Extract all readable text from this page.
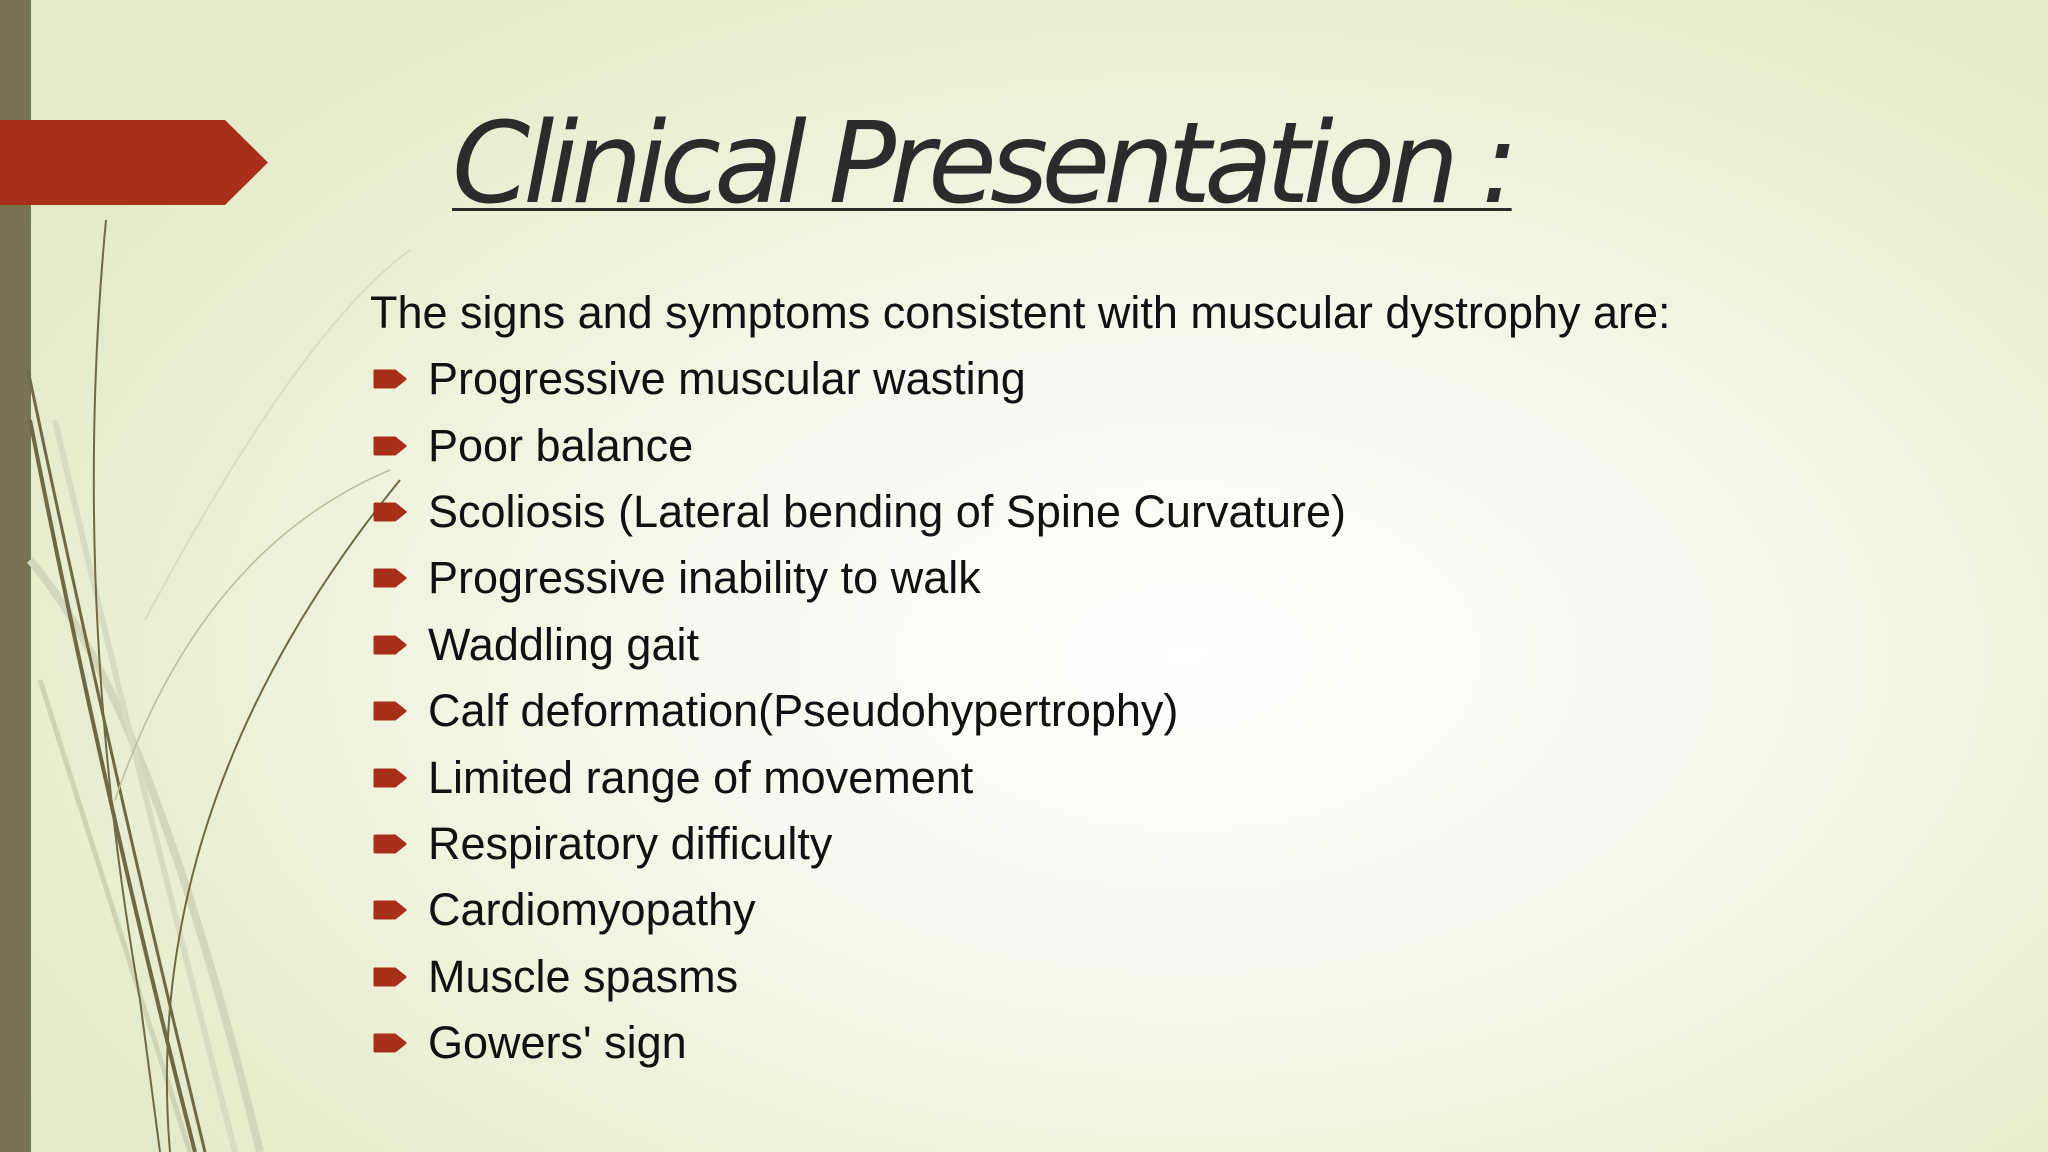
Clinical Presentation :

The signs and symptoms consistent with muscular dystrophy are:

Progressive muscular wasting
Poor balance
Scoliosis (Lateral bending of Spine Curvature)
Progressive inability to walk
Waddling gait
Calf deformation(Pseudohypertrophy)
Limited range of movement
Respiratory difficulty
Cardiomyopathy
Muscle spasms
Gowers' sign
